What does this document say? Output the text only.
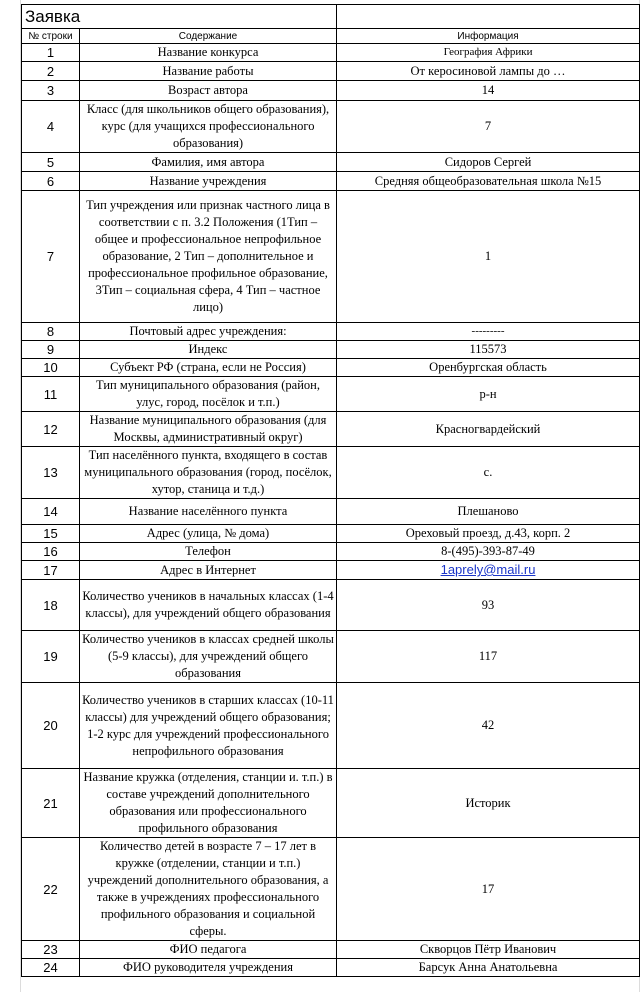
Заявка		
№ строки	Содержание	Информация
1	Название конкурса	География Африки
2	Название работы	От керосиновой лампы до …
3	Возраст автора	14
4	Класс (для школьников общего образования), курс (для учащихся профессионального образования)	7
5	Фамилия, имя автора	Сидоров Сергей
6	Название учреждения	Средняя общеобразовательная школа №15
7	Тип учреждения или признак частного лица в соответствии с п. 3.2 Положения (1Тип – общее и профессиональное непрофильное образование, 2 Тип – дополнительное и профессиональное профильное образование, 3Тип – социальная сфера, 4 Тип – частное лицо)	1
8	Почтовый адрес учреждения:	---------
9	Индекс	115573
10	Субъект РФ (страна, если не Россия)	Оренбургская область
11	Тип муниципального образования (район, улус, город, посёлок и т.п.)	р-н
12	Название муниципального образования (для Москвы, административный округ)	Красногвардейский
13	Тип населённого пункта, входящего в состав муниципального образования (город, посёлок, хутор, станица и т.д.)	с.
14	Название населённого пункта	Плешаново
15	Адрес (улица, № дома)	Ореховый проезд, д.43, корп. 2
16	Телефон	8-(495)-393-87-49
17	Адрес в Интернет	1aprely@mail.ru
18	Количество учеников в начальных классах (1-4 классы), для учреждений общего образования	93
19	Количество учеников в классах средней школы (5-9 классы), для учреждений общего образования	117
20	Количество учеников в старших классах (10-11 классы) для учреждений общего образования; 1-2 курс для учреждений профессионального непрофильного образования	42
21	Название кружка (отделения, станции и. т.п.) в составе учреждений дополнительного образования или профессионального профильного образования	Историк
22	Количество детей в возрасте 7 – 17 лет в кружке (отделении, станции и т.п.) учреждений дополнительного образования, а также в учреждениях профессионального профильного образования и социальной сферы.	17
23	ФИО педагога	Скворцов Пётр Иванович
24	ФИО руководителя учреждения	Барсук Анна Анатольевна
